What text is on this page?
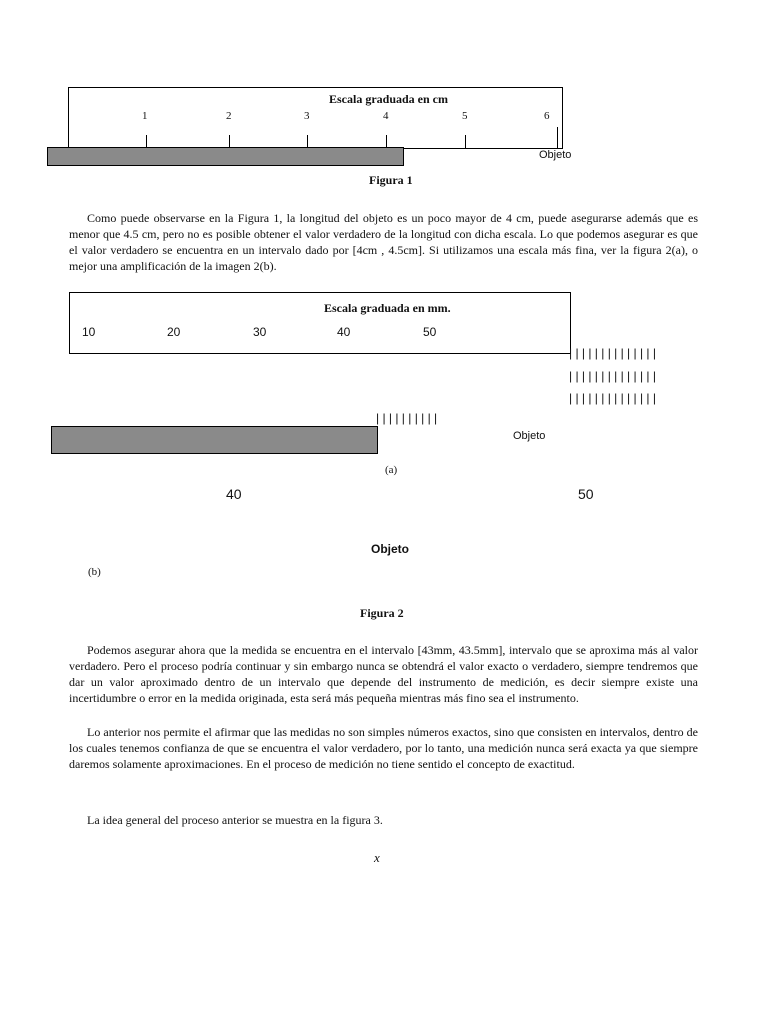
Escala graduada en cm
1	2	3	4	5	6
Objeto
Figura 1

Como puede observarse en la Figura 1, la longitud del objeto es un poco mayor de 4 cm, puede asegurarse además que es menor que 4.5 cm, pero no es posible obtener el valor verdadero de la longitud con dicha escala. Lo que podemos asegurar es que el valor verdadero se encuentra en un intervalo dado por [4cm , 4.5cm]. Si utilizamos una escala más fina, ver la figura 2(a), o mejor una amplificación de la imagen 2(b).

Escala graduada en mm.
10	20	30	40	50
| | | | | | | | | | | | | |
| | | | | | | | | | | | | |
| | | | | | | | | | | | | |
| | | | | | | | | |
Objeto
(a)
40	50
Objeto
(b)
Figura 2

Podemos asegurar ahora que la medida se encuentra en el intervalo [43mm, 43.5mm], intervalo que se aproxima más al valor verdadero. Pero el proceso podría continuar y sin embargo nunca se obtendrá el valor exacto o verdadero, siempre tendremos que dar un valor aproximado dentro de un intervalo que depende del instrumento de medición, es decir siempre existe una incertidumbre o error en la medida originada, esta será más pequeña mientras más fino sea el instrumento.

Lo anterior nos permite el afirmar que las medidas no son simples números exactos, sino que consisten en intervalos, dentro de los cuales tenemos confianza de que se encuentra el valor verdadero, por lo tanto, una medición nunca será exacta ya que siempre daremos solamente aproximaciones. En el proceso de medición no tiene sentido el concepto de exactitud.

La idea general del proceso anterior se muestra en la figura 3.

x
